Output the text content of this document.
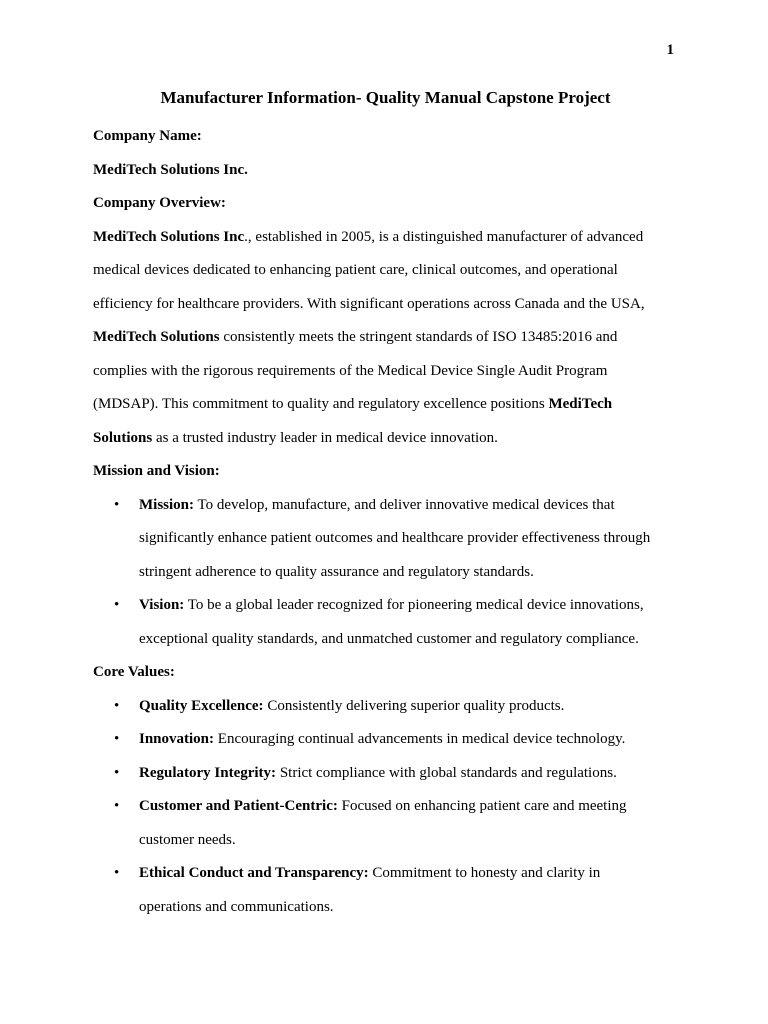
1
Manufacturer Information- Quality Manual Capstone Project
Company Name:
MediTech Solutions Inc.
Company Overview:
MediTech Solutions Inc., established in 2005, is a distinguished manufacturer of advanced
medical devices dedicated to enhancing patient care, clinical outcomes, and operational
efficiency for healthcare providers. With significant operations across Canada and the USA,
MediTech Solutions consistently meets the stringent standards of ISO 13485:2016 and
complies with the rigorous requirements of the Medical Device Single Audit Program
(MDSAP). This commitment to quality and regulatory excellence positions MediTech
Solutions as a trusted industry leader in medical device innovation.
Mission and Vision:
• Mission: To develop, manufacture, and deliver innovative medical devices that
significantly enhance patient outcomes and healthcare provider effectiveness through
stringent adherence to quality assurance and regulatory standards.
• Vision: To be a global leader recognized for pioneering medical device innovations,
exceptional quality standards, and unmatched customer and regulatory compliance.
Core Values:
• Quality Excellence: Consistently delivering superior quality products.
• Innovation: Encouraging continual advancements in medical device technology.
• Regulatory Integrity: Strict compliance with global standards and regulations.
• Customer and Patient-Centric: Focused on enhancing patient care and meeting
customer needs.
• Ethical Conduct and Transparency: Commitment to honesty and clarity in
operations and communications.
